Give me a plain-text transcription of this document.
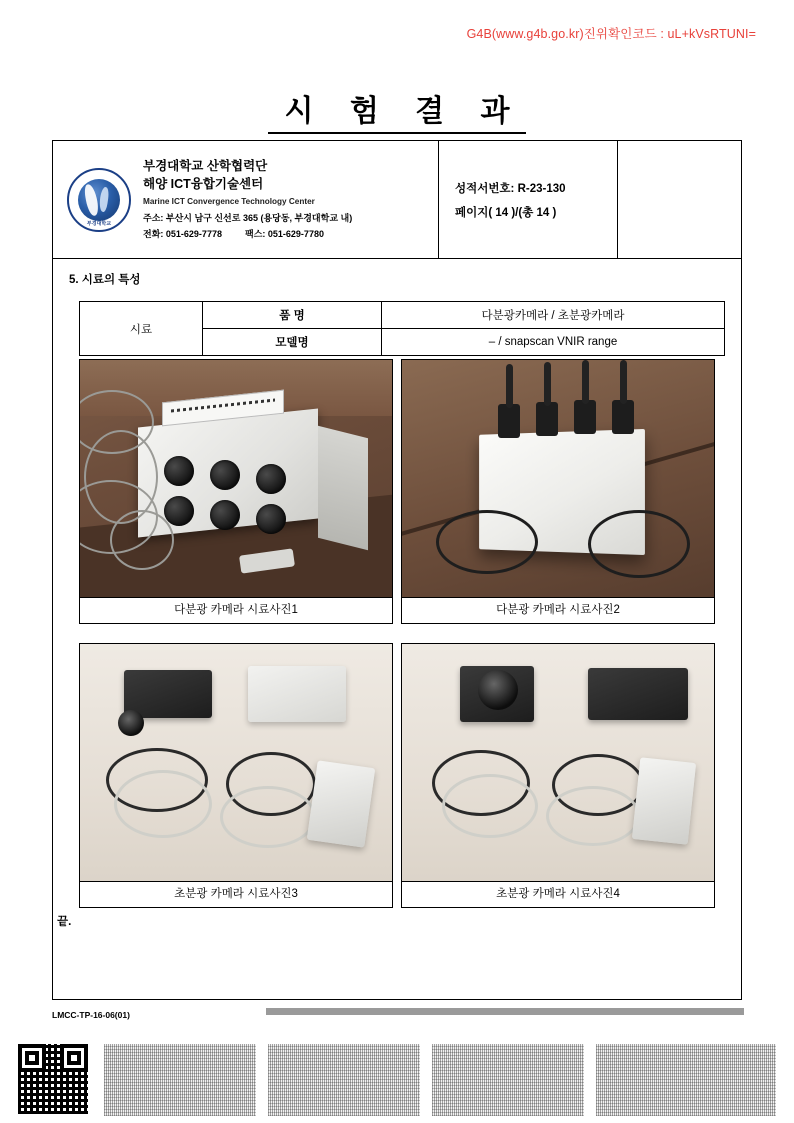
G4B(www.g4b.go.kr)진위확인코드 : uL+kVsRTUNI=
시 험 결 과
부경대학교
부경대학교 산학협력단
해양 ICT융합기술센터
Marine ICT Convergence Technology Center
주소: 부산시 남구 신선로 365 (용당동, 부경대학교 내)
전화: 051-629-7778	팩스: 051-629-7780
성적서번호: R-23-130
페이지( 14 )/(총 14 )
5. 시료의 특성
시료	품 명	다분광카메라 / 초분광카메라
	모델명	– / snapscan VNIR range
다분광 카메라 시료사진1	다분광 카메라 시료사진2
초분광 카메라 시료사진3	초분광 카메라 시료사진4
끝.
LMCC-TP-16-06(01)
